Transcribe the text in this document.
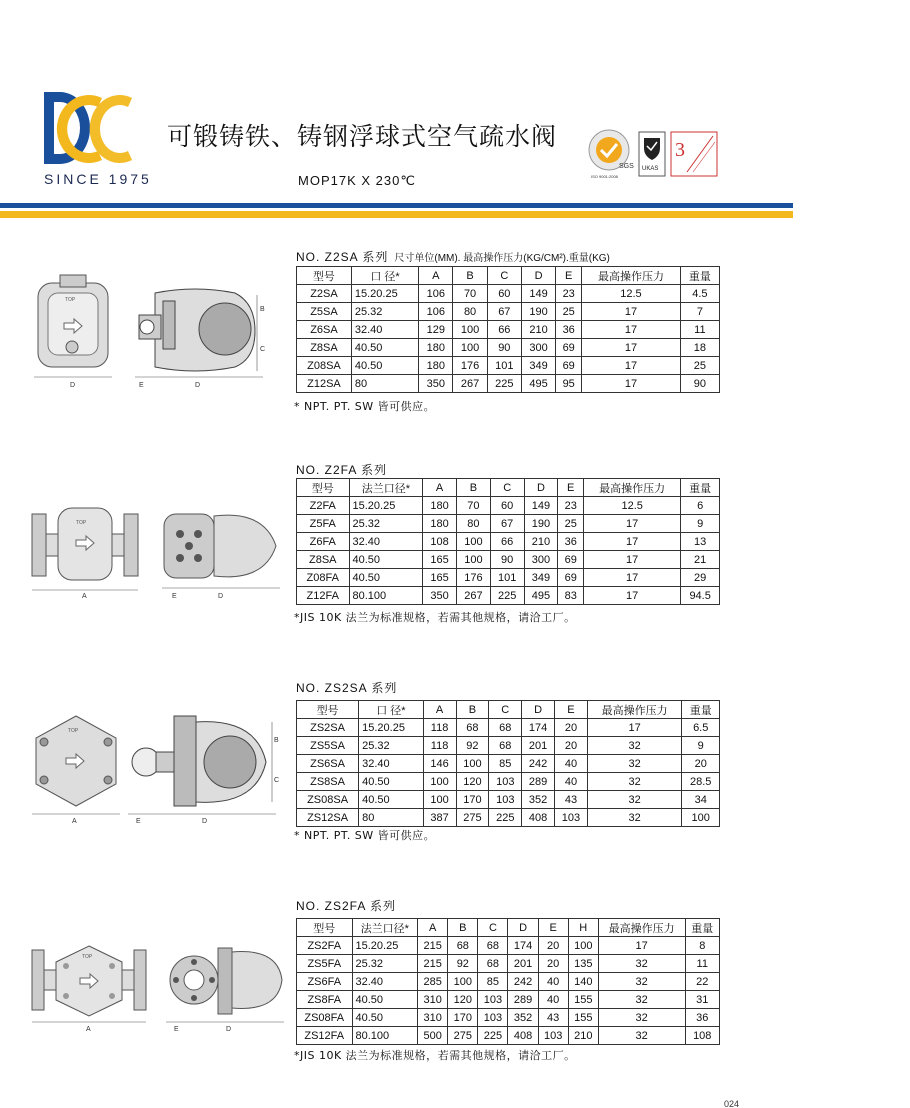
SINCE 1975
可锻铸铁、铸钢浮球式空气疏水阀
MOP17K X 230℃
SGS
ISO 9001:2008
UKAS
3
NO. Z2SA 系列 尺寸单位(MM). 最高操作压力(KG/CM²).重量(KG)
型号	口 径*	A	B	C	D	E	最高操作压力	重量
Z2SA	15.20.25	106	70	60	149	23	12.5	4.5
Z5SA	25.32	106	80	67	190	25	17	7
Z6SA	32.40	129	100	66	210	36	17	11
Z8SA	40.50	180	100	90	300	69	17	18
Z08SA	40.50	180	176	101	349	69	17	25
Z12SA	80	350	267	225	495	95	17	90
* NPT. PT. SW 皆可供应。
TOP
D
B
C
E	D
NO. Z2FA 系列
型号	法兰口径*	A	B	C	D	E	最高操作压力	重量
Z2FA	15.20.25	180	70	60	149	23	12.5	6
Z5FA	25.32	180	80	67	190	25	17	9
Z6FA	32.40	108	100	66	210	36	17	13
Z8SA	40.50	165	100	90	300	69	17	21
Z08FA	40.50	165	176	101	349	69	17	29
Z12FA	80.100	350	267	225	495	83	17	94.5
*JIS 10K 法兰为标准规格，若需其他规格，请洽工厂。
TOP
A	E	D
NO. ZS2SA 系列
型号	口 径*	A	B	C	D	E	最高操作压力	重量
ZS2SA	15.20.25	118	68	68	174	20	17	6.5
ZS5SA	25.32	118	92	68	201	20	32	9
ZS6SA	32.40	146	100	85	242	40	32	20
ZS8SA	40.50	100	120	103	289	40	32	28.5
ZS08SA	40.50	100	170	103	352	43	32	34
ZS12SA	80	387	275	225	408	103	32	100
* NPT. PT. SW 皆可供应。
TOP
A
B
C
E	D
NO. ZS2FA 系列
型号	法兰口径*	A	B	C	D	E	H	最高操作压力	重量
ZS2FA	15.20.25	215	68	68	174	20	100	17	8
ZS5FA	25.32	215	92	68	201	20	135	32	11
ZS6FA	32.40	285	100	85	242	40	140	32	22
ZS8FA	40.50	310	120	103	289	40	155	32	31
ZS08FA	40.50	310	170	103	352	43	155	32	36
ZS12FA	80.100	500	275	225	408	103	210	32	108
*JIS 10K 法兰为标准规格，若需其他规格，请洽工厂。
TOP
A	E	D
024
